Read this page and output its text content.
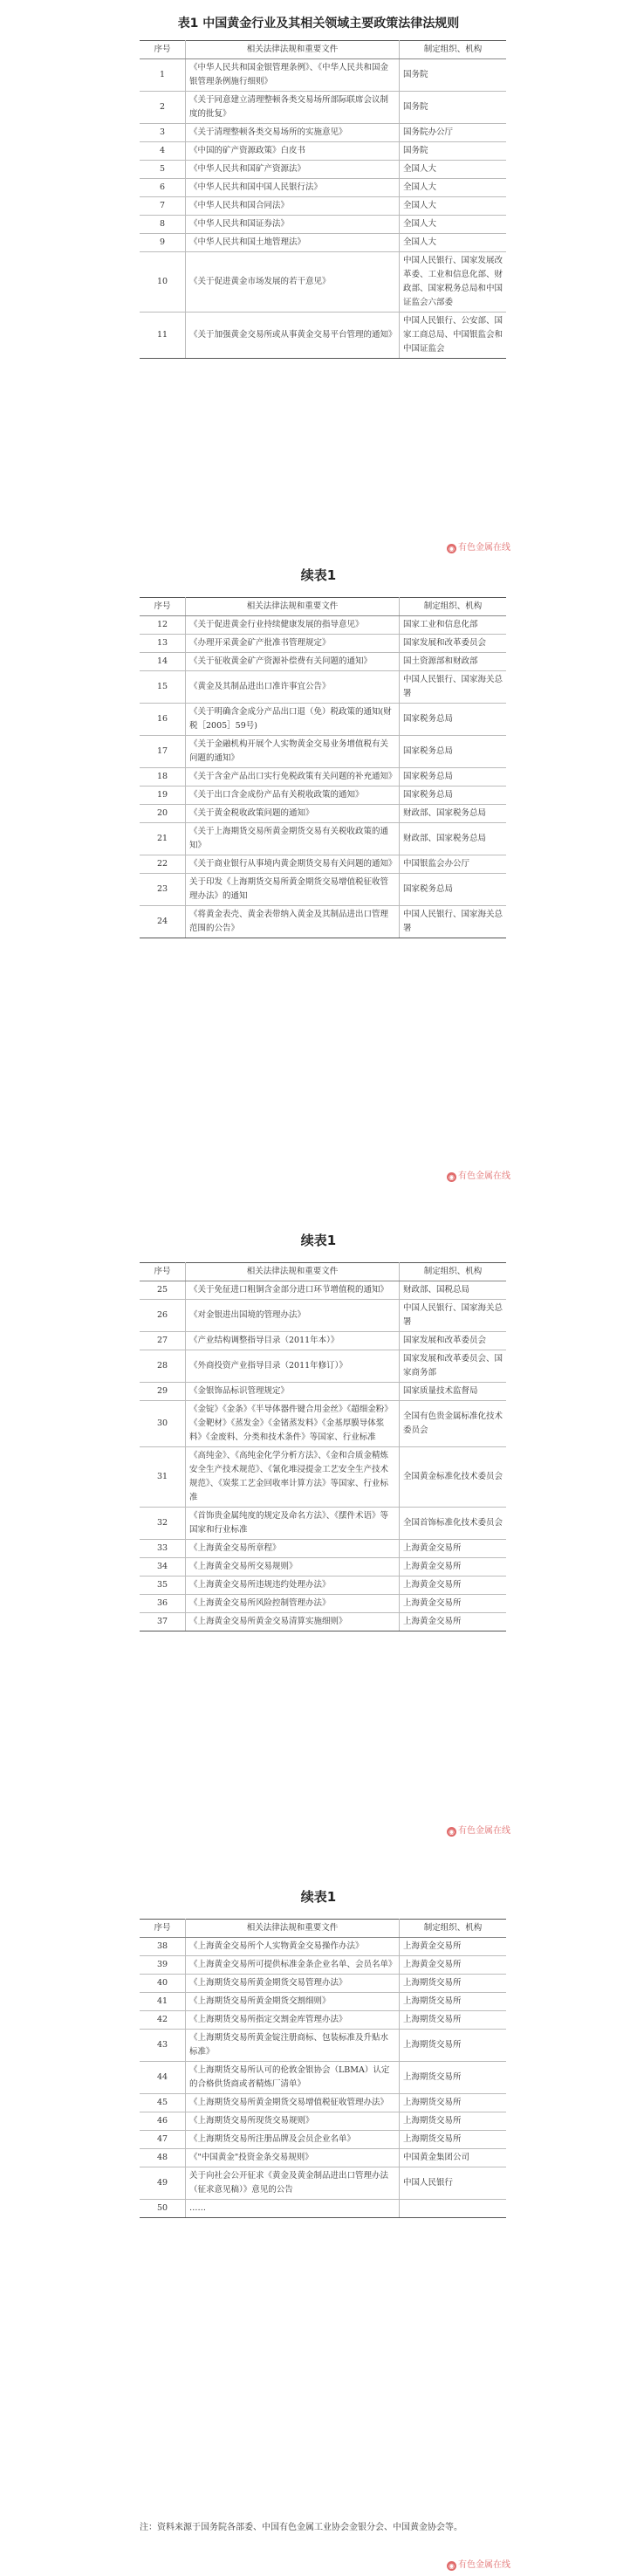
表1 中国黄金行业及其相关领域主要政策法律法规则
序号	相关法律法规和重要文件	制定组织、机构
1	《中华人民共和国金银管理条例》、《中华人民共和国金银管理条例施行细则》	国务院
2	《关于同意建立清理整顿各类交易场所部际联席会议制度的批复》	国务院
3	《关于清理整顿各类交易场所的实施意见》	国务院办公厅
4	《中国的矿产资源政策》白皮书	国务院
5	《中华人民共和国矿产资源法》	全国人大
6	《中华人民共和国中国人民银行法》	全国人大
7	《中华人民共和国合同法》	全国人大
8	《中华人民共和国证券法》	全国人大
9	《中华人民共和国土地管理法》	全国人大
10	《关于促进黄金市场发展的若干意见》	中国人民银行、国家发展改革委、工业和信息化部、财政部、国家税务总局和中国证监会六部委
11	《关于加强黄金交易所或从事黄金交易平台管理的通知》	中国人民银行、公安部、国家工商总局、中国银监会和中国证监会
◉ 有色金属在线
续表1
序号	相关法律法规和重要文件	制定组织、机构
12	《关于促进黄金行业持续健康发展的指导意见》	国家工业和信息化部
13	《办理开采黄金矿产批准书管理规定》	国家发展和改革委员会
14	《关于征收黄金矿产资源补偿费有关问题的通知》	国土资源部和财政部
15	《黄金及其制品进出口准许事宜公告》	中国人民银行、国家海关总署
16	《关于明确含金成分产品出口退（免）税政策的通知(财税［2005］59号)	国家税务总局
17	《关于金融机构开展个人实物黄金交易业务增值税有关问题的通知》	国家税务总局
18	《关于含金产品出口实行免税政策有关问题的补充通知》	国家税务总局
19	《关于出口含金成份产品有关税收政策的通知》	国家税务总局
20	《关于黄金税收政策问题的通知》	财政部、国家税务总局
21	《关于上海期货交易所黄金期货交易有关税收政策的通知》	财政部、国家税务总局
22	《关于商业银行从事境内黄金期货交易有关问题的通知》	中国银监会办公厅
23	关于印发《上海期货交易所黄金期货交易增值税征收管理办法》的通知	国家税务总局
24	《将黄金表壳、黄金表带纳入黄金及其制品进出口管理范围的公告》	中国人民银行、国家海关总署
◉ 有色金属在线
续表1
序号	相关法律法规和重要文件	制定组织、机构
25	《关于免征进口粗铜含金部分进口环节增值税的通知》	财政部、国税总局
26	《对金银进出国境的管理办法》	中国人民银行、国家海关总署
27	《产业结构调整指导目录（2011年本）》	国家发展和改革委员会
28	《外商投资产业指导目录（2011年修订）》	国家发展和改革委员会、国家商务部
29	《金银饰品标识管理规定》	国家质量技术监督局
30	《金锭》《金条》《半导体器件键合用金丝》《超细金粉》《金靶材》《蒸发金》《金锗蒸发料》《金基厚膜导体浆料》《金废料、分类和技术条件》等国家、行业标准	全国有色贵金属标准化技术委员会
31	《高纯金》、《高纯金化学分析方法》、《金和合质金精炼安全生产技术规范》、《氰化堆浸提金工艺安全生产技术规范》、《炭浆工艺金回收率计算方法》等国家、行业标准	全国黄金标准化技术委员会
32	《首饰贵金属纯度的规定及命名方法》、《摆件术语》等国家和行业标准	全国首饰标准化技术委员会
33	《上海黄金交易所章程》	上海黄金交易所
34	《上海黄金交易所交易规则》	上海黄金交易所
35	《上海黄金交易所违规违约处理办法》	上海黄金交易所
36	《上海黄金交易所风险控制管理办法》	上海黄金交易所
37	《上海黄金交易所黄金交易清算实施细则》	上海黄金交易所
◉ 有色金属在线
续表1
序号	相关法律法规和重要文件	制定组织、机构
38	《上海黄金交易所个人实物黄金交易操作办法》	上海黄金交易所
39	《上海黄金交易所可提供标准金条企业名单、会员名单》	上海黄金交易所
40	《上海期货交易所黄金期货交易管理办法》	上海期货交易所
41	《上海期货交易所黄金期货交割细则》	上海期货交易所
42	《上海期货交易所指定交割金库管理办法》	上海期货交易所
43	《上海期货交易所黄金锭注册商标、包装标准及升贴水标准》	上海期货交易所
44	《上海期货交易所认可的伦敦金银协会（LBMA）认定的合格供货商或者精炼厂清单》	上海期货交易所
45	《上海期货交易所黄金期货交易增值税征收管理办法》	上海期货交易所
46	《上海期货交易所现货交易规则》	上海期货交易所
47	《上海期货交易所注册品牌及会员企业名单》	上海期货交易所
48	《"中国黄金"投资金条交易规则》	中国黄金集团公司
49	关于向社会公开征求《黄金及黄金制品进出口管理办法（征求意见稿）》意见的公告	中国人民银行
50	……	
注：资料来源于国务院各部委、中国有色金属工业协会金银分会、中国黄金协会等。
◉ 有色金属在线
